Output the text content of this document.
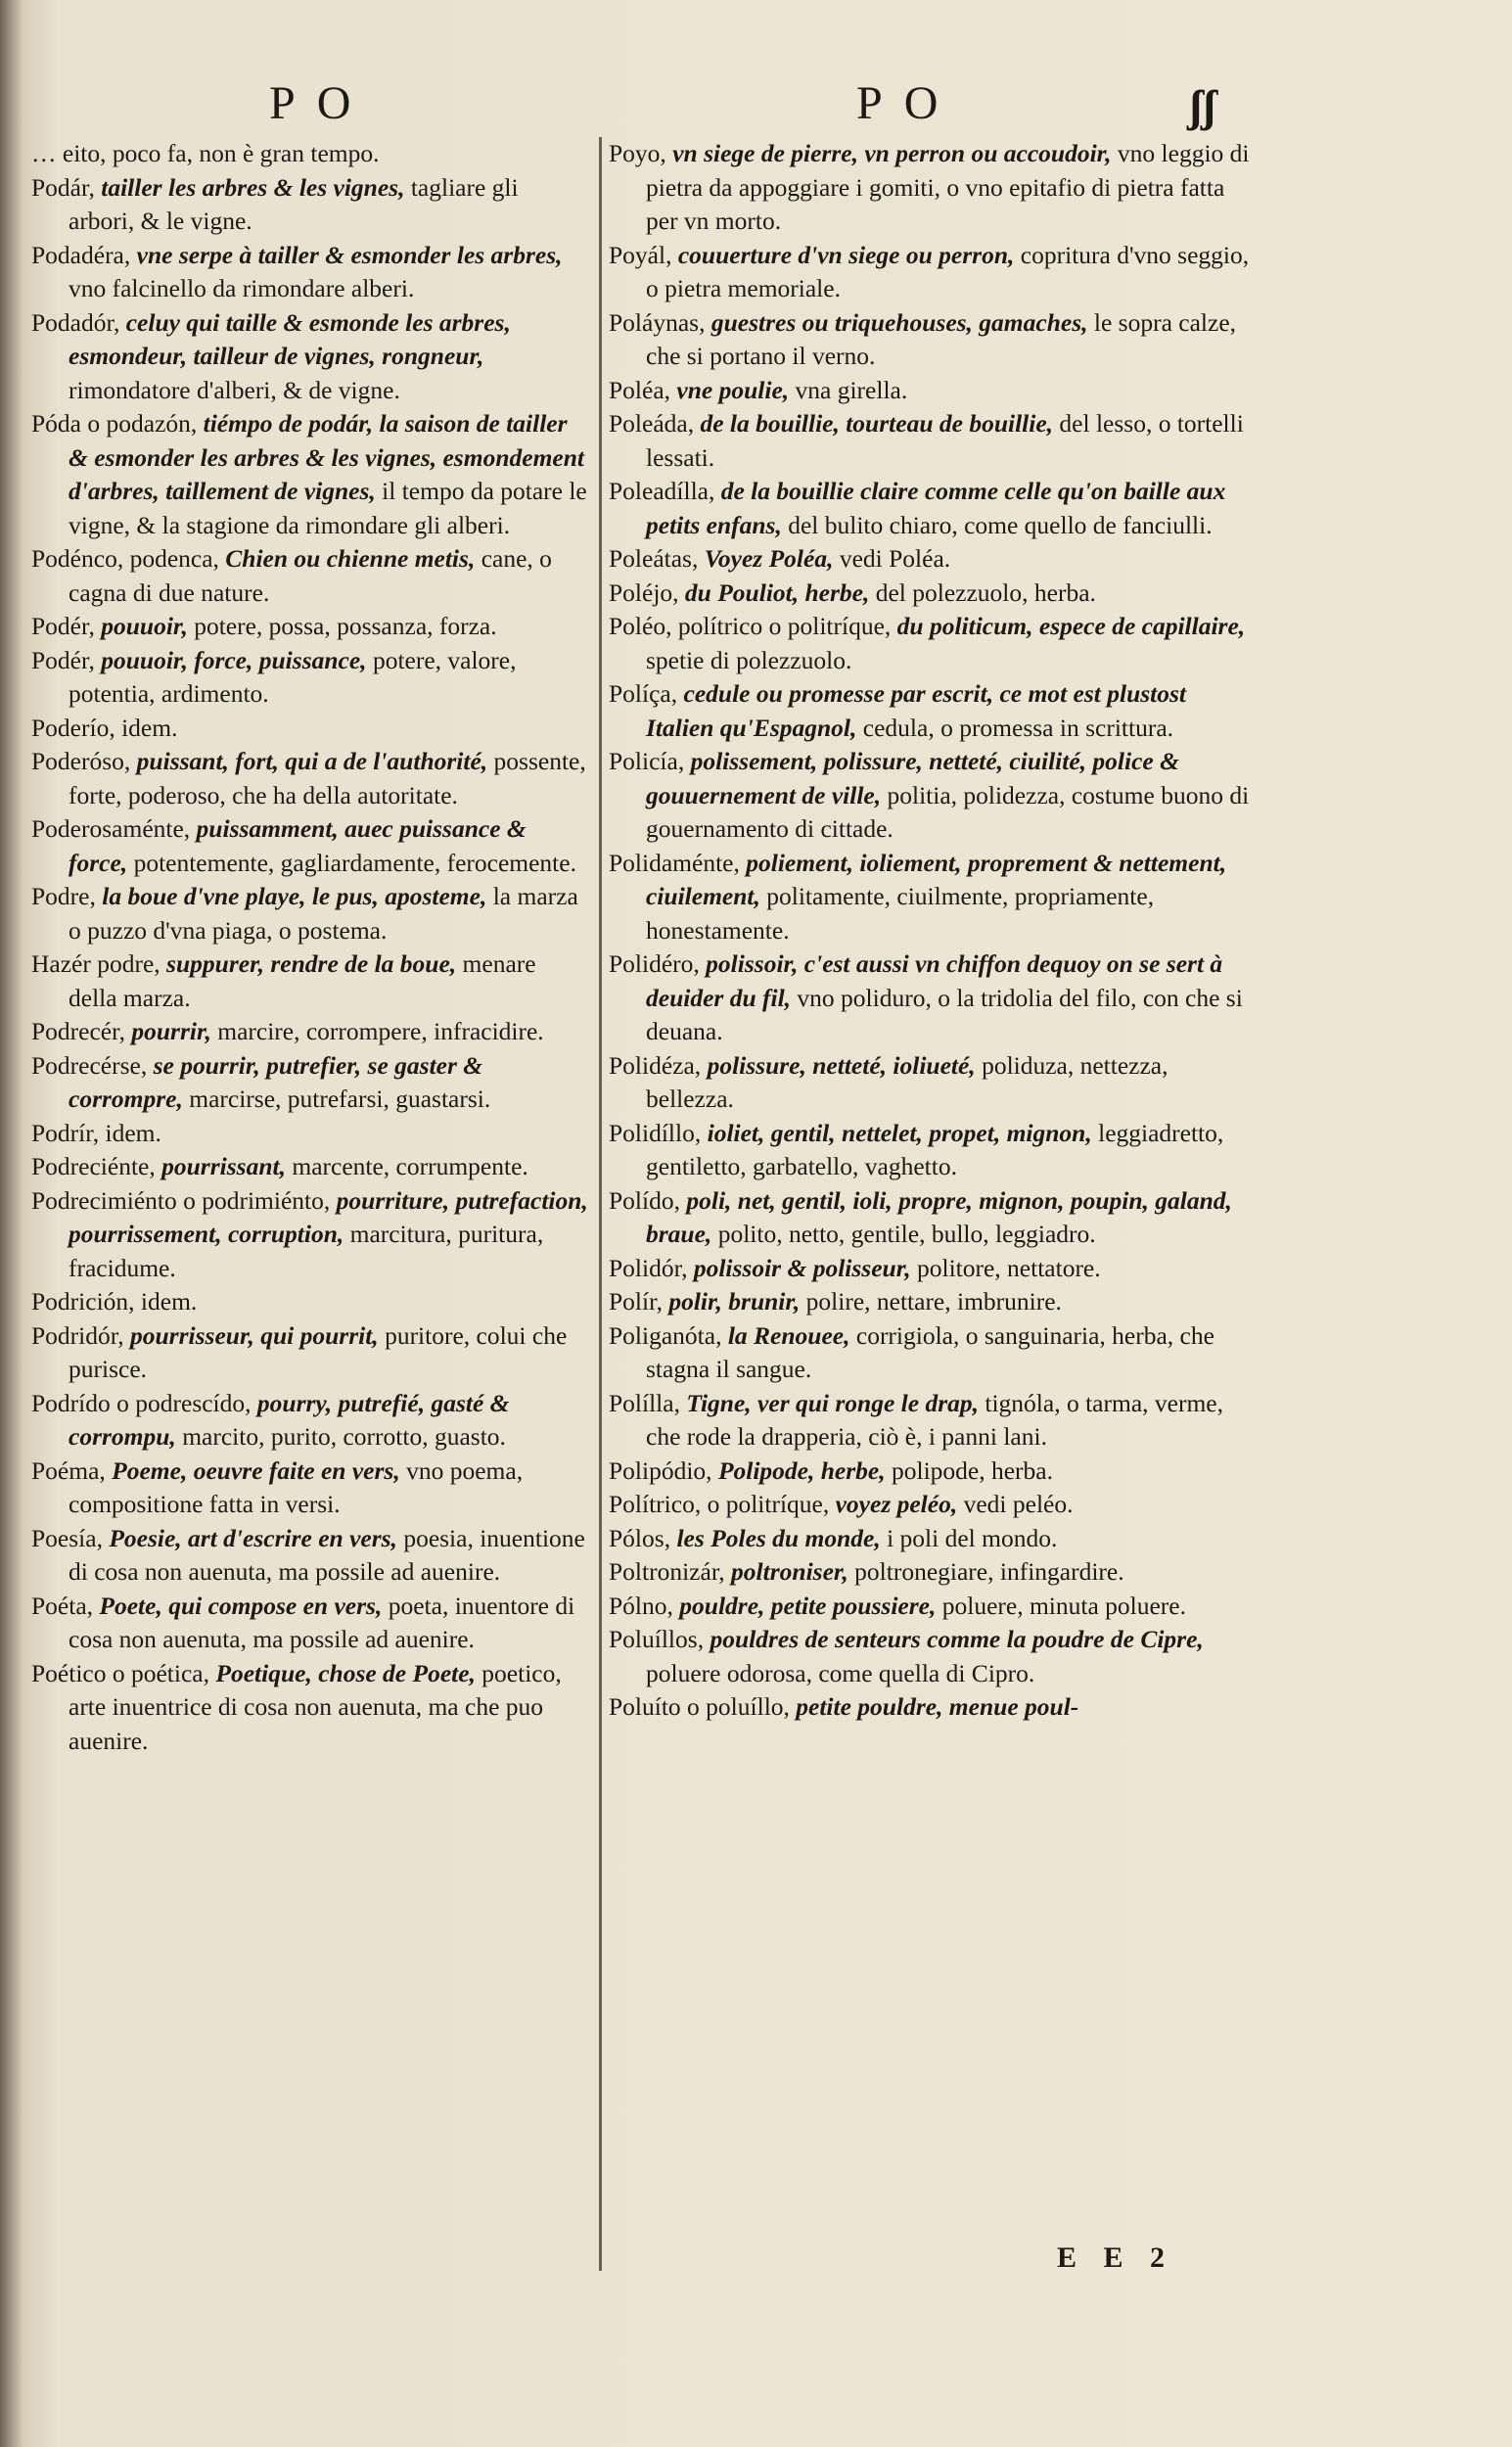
PO	PO	ʃʃ

… eito, poco fa, non è gran tempo.

Podár, tailler les arbres & les vignes, tagliare gli arbori, & le vigne.

Podadéra, vne serpe à tailler & esmonder les arbres, vno falcinello da rimondare alberi.

Podadór, celuy qui taille & esmonde les arbres, esmondeur, tailleur de vignes, rongneur, rimondatore d'alberi, & de vigne.

Póda o podazón, tiémpo de podár, la saison de tailler & esmonder les arbres & les vignes, esmondement d'arbres, taillement de vignes, il tempo da potare le vigne, & la stagione da rimondare gli alberi.

Podénco, podenca, Chien ou chienne metis, cane, o cagna di due nature.

Podér, pouuoir, potere, possa, possanza, forza.

Podér, pouuoir, force, puissance, potere, valore, potentia, ardimento.

Poderío, idem.

Poderóso, puissant, fort, qui a de l'authorité, possente, forte, poderoso, che ha della autoritate.

Poderosaménte, puissamment, auec puissance & force, potentemente, gagliardamente, ferocemente.

Podre, la boue d'vne playe, le pus, aposteme, la marza o puzzo d'vna piaga, o postema.

Hazér podre, suppurer, rendre de la boue, menare della marza.

Podrecér, pourrir, marcire, corrompere, infracidire.

Podrecérse, se pourrir, putrefier, se gaster & corrompre, marcirse, putrefarsi, guastarsi.

Podrír, idem.

Podreciénte, pourrissant, marcente, corrumpente.

Podrecimiénto o podrimiénto, pourriture, putrefaction, pourrissement, corruption, marcitura, puritura, fracidume.

Podrición, idem.

Podridór, pourrisseur, qui pourrit, puritore, colui che purisce.

Podrído o podrescído, pourry, putrefié, gasté & corrompu, marcito, purito, corrotto, guasto.

Poéma, Poeme, oeuvre faite en vers, vno poema, compositione fatta in versi.

Poesía, Poesie, art d'escrire en vers, poesia, inuentione di cosa non auenuta, ma possile ad auenire.

Poéta, Poete, qui compose en vers, poeta, inuentore di cosa non auenuta, ma possile ad auenire.

Poético o poética, Poetique, chose de Poete, poetico, arte inuentrice di cosa non auenuta, ma che puo auenire.

Poyo, vn siege de pierre, vn perron ou accoudoir, vno leggio di pietra da appoggiare i gomiti, o vno epitafio di pietra fatta per vn morto.

Poyál, couuerture d'vn siege ou perron, copritura d'vno seggio, o pietra memoriale.

Poláynas, guestres ou triquehouses, gamaches, le sopra calze, che si portano il verno.

Poléa, vne poulie, vna girella.

Poleáda, de la bouillie, tourteau de bouillie, del lesso, o tortelli lessati.

Poleadílla, de la bouillie claire comme celle qu'on baille aux petits enfans, del bulito chiaro, come quello de fanciulli.

Poleátas, Voyez Poléa, vedi Poléa.

Poléjo, du Pouliot, herbe, del polezzuolo, herba.

Poléo, polítrico o politríque, du politicum, espece de capillaire, spetie di polezzuolo.

Políça, cedule ou promesse par escrit, ce mot est plustost Italien qu'Espagnol, cedula, o promessa in scrittura.

Policía, polissement, polissure, netteté, ciuilité, police & gouuernement de ville, politia, polidezza, costume buono di gouernamento di cittade.

Polidaménte, poliement, ioliement, proprement & nettement, ciuilement, politamente, ciuilmente, propriamente, honestamente.

Polidéro, polissoir, c'est aussi vn chiffon dequoy on se sert à deuider du fil, vno poliduro, o la tridolia del filo, con che si deuana.

Polidéza, polissure, netteté, ioliueté, poliduza, nettezza, bellezza.

Polidíllo, ioliet, gentil, nettelet, propet, mignon, leggiadretto, gentiletto, garbatello, vaghetto.

Polído, poli, net, gentil, ioli, propre, mignon, poupin, galand, braue, polito, netto, gentile, bullo, leggiadro.

Polidór, polissoir & polisseur, politore, nettatore.

Polír, polir, brunir, polire, nettare, imbrunire.

Poliganóta, la Renouee, corrigiola, o sanguinaria, herba, che stagna il sangue.

Polílla, Tigne, ver qui ronge le drap, tignóla, o tarma, verme, che rode la drapperia, ciò è, i panni lani.

Polipódio, Polipode, herbe, polipode, herba.

Polítrico, o politríque, voyez peléo, vedi peléo.

Pólos, les Poles du monde, i poli del mondo.

Poltronizár, poltroniser, poltronegiare, infingardire.

Pólno, pouldre, petite poussiere, poluere, minuta poluere.

Poluíllos, pouldres de senteurs comme la poudre de Cipre, poluere odorosa, come quella di Cipro.

Poluíto o poluíllo, petite pouldre, menue poul-

E E 2
